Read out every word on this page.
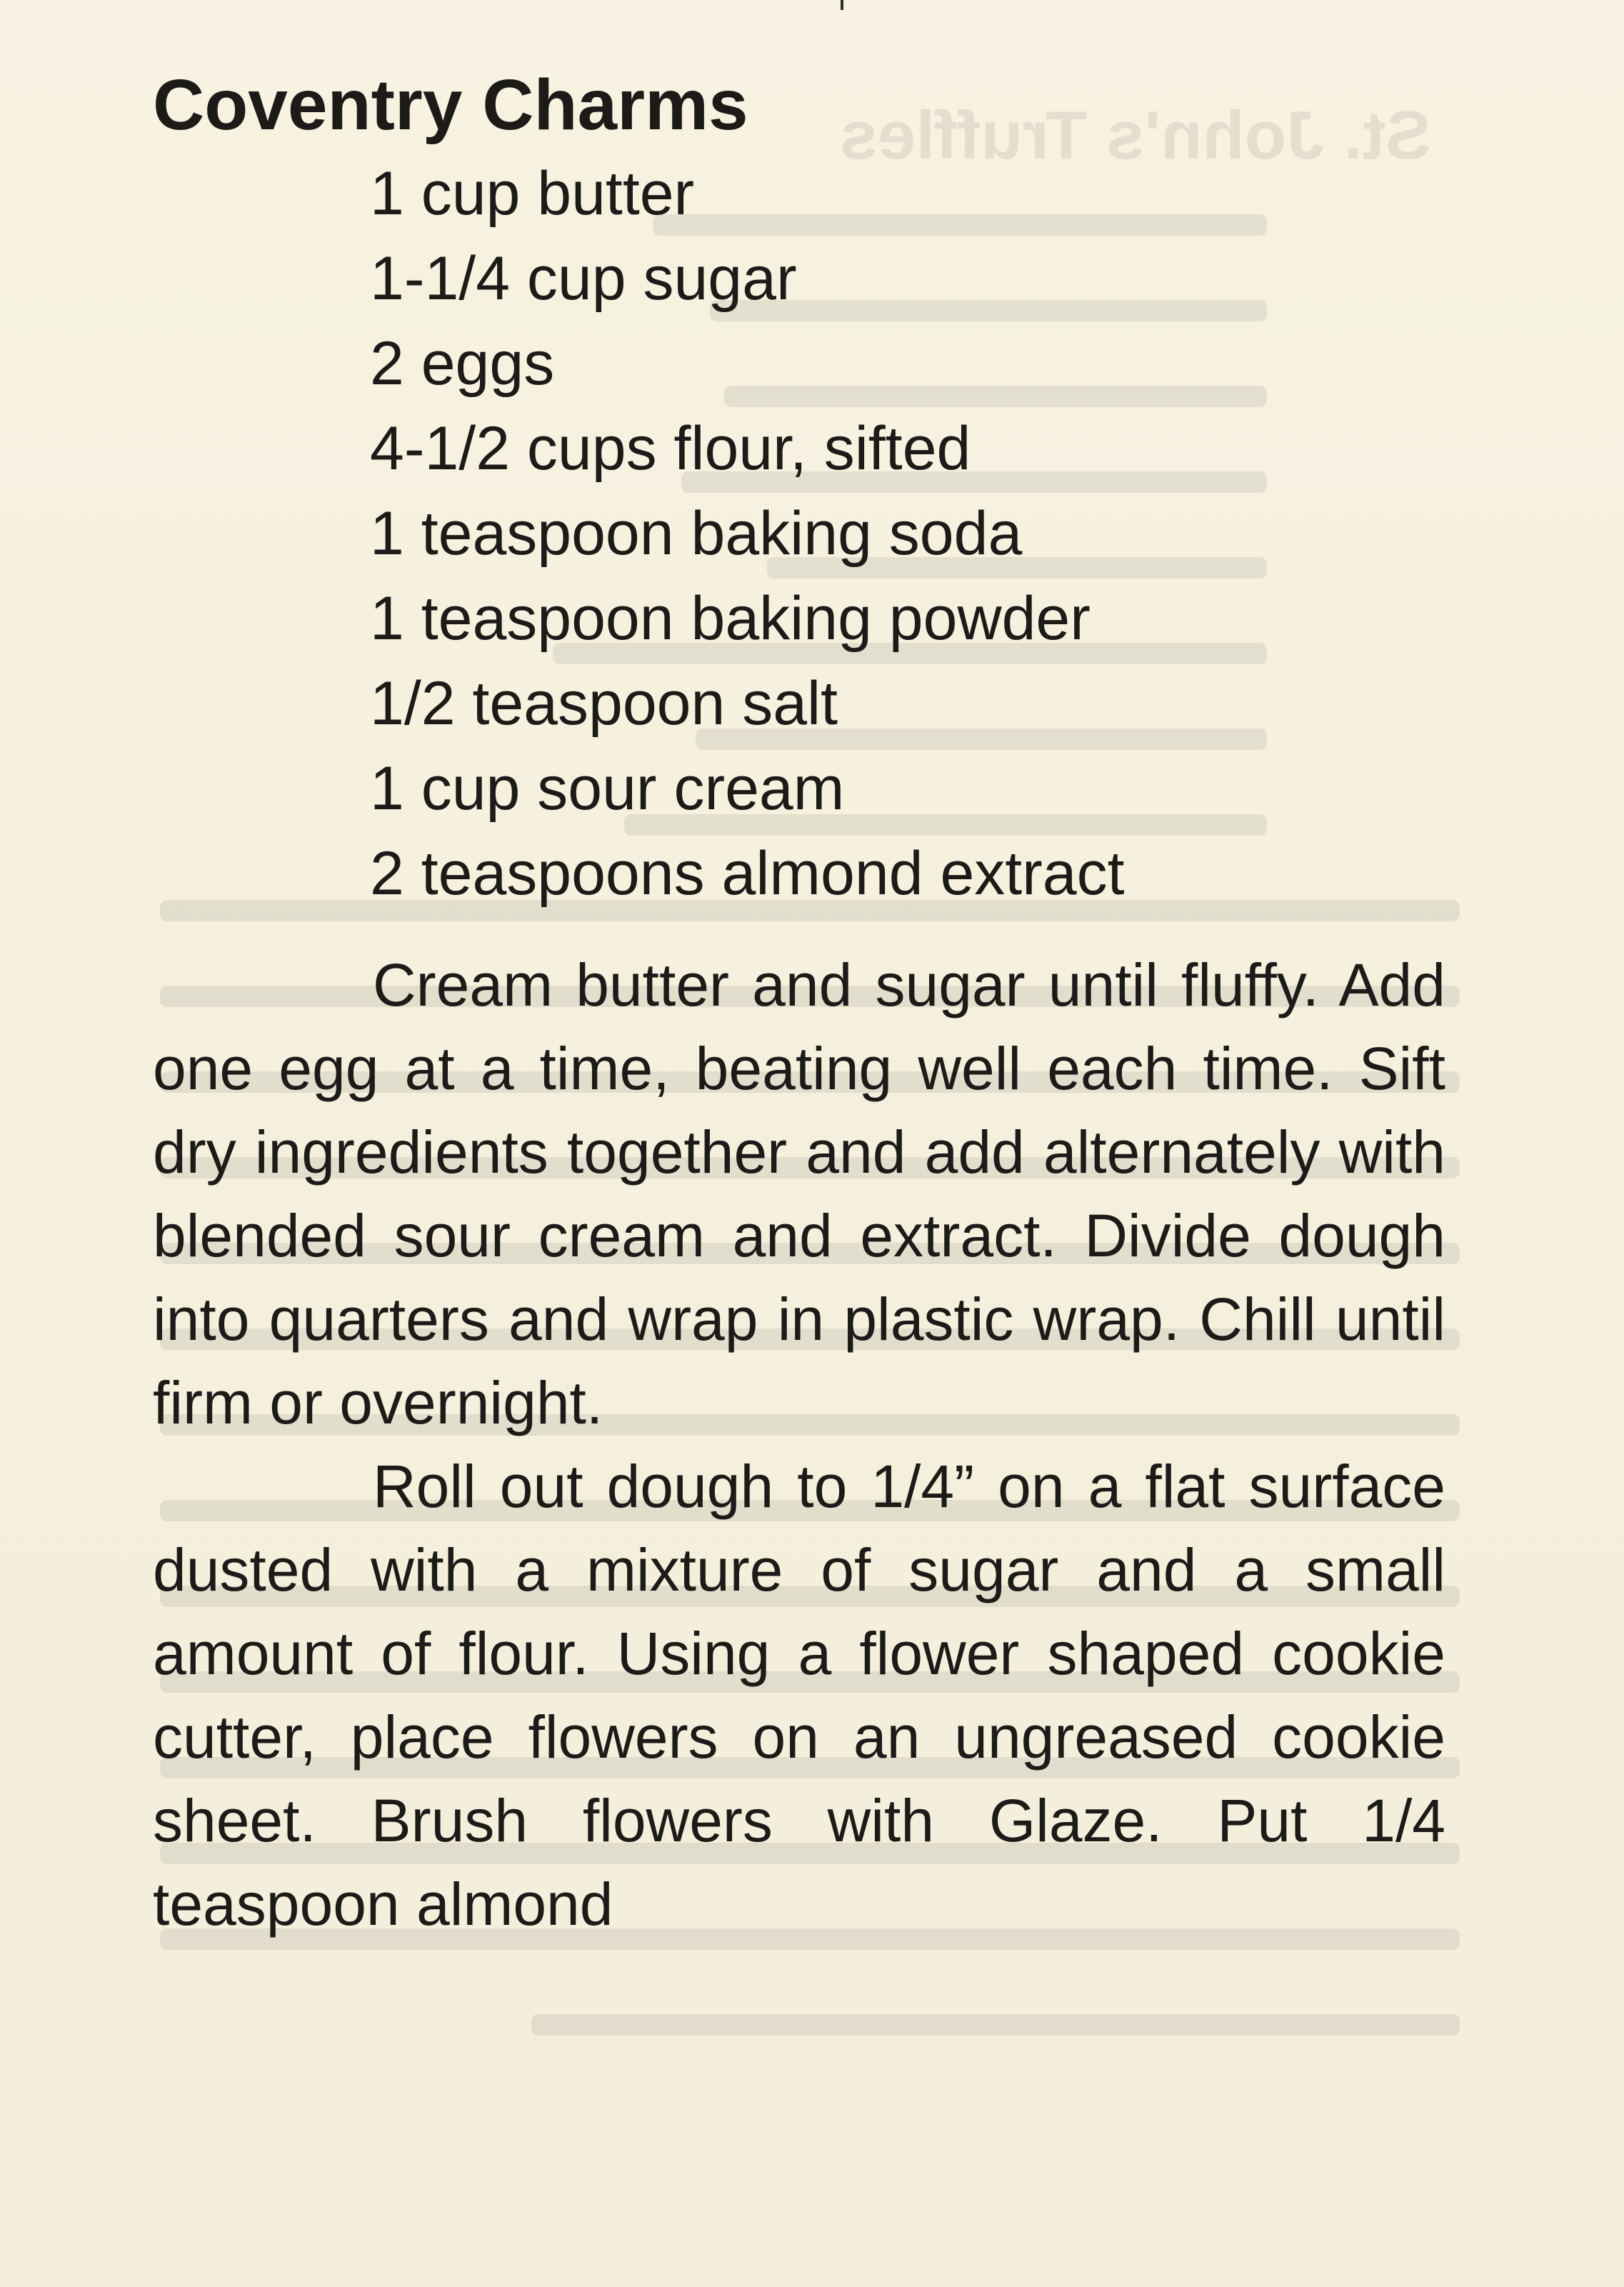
St. John's Truffles
Coventry Charms
1 cup butter
1-1/4 cup sugar
2 eggs
4-1/2 cups flour, sifted
1 teaspoon baking soda
1 teaspoon baking powder
1/2 teaspoon salt
1 cup sour cream
2 teaspoons almond extract

Cream butter and sugar until fluffy. Add one egg at a time, beating well each time. Sift dry ingredients together and add alternately with blended sour cream and extract. Divide dough into quarters and wrap in plastic wrap. Chill until firm or overnight.

Roll out dough to 1/4” on a flat surface dusted with a mixture of sugar and a small amount of flour. Using a flower shaped cookie cutter, place flowers on an ungreased cookie sheet. Brush flowers with Glaze. Put 1/4 teaspoon almond
